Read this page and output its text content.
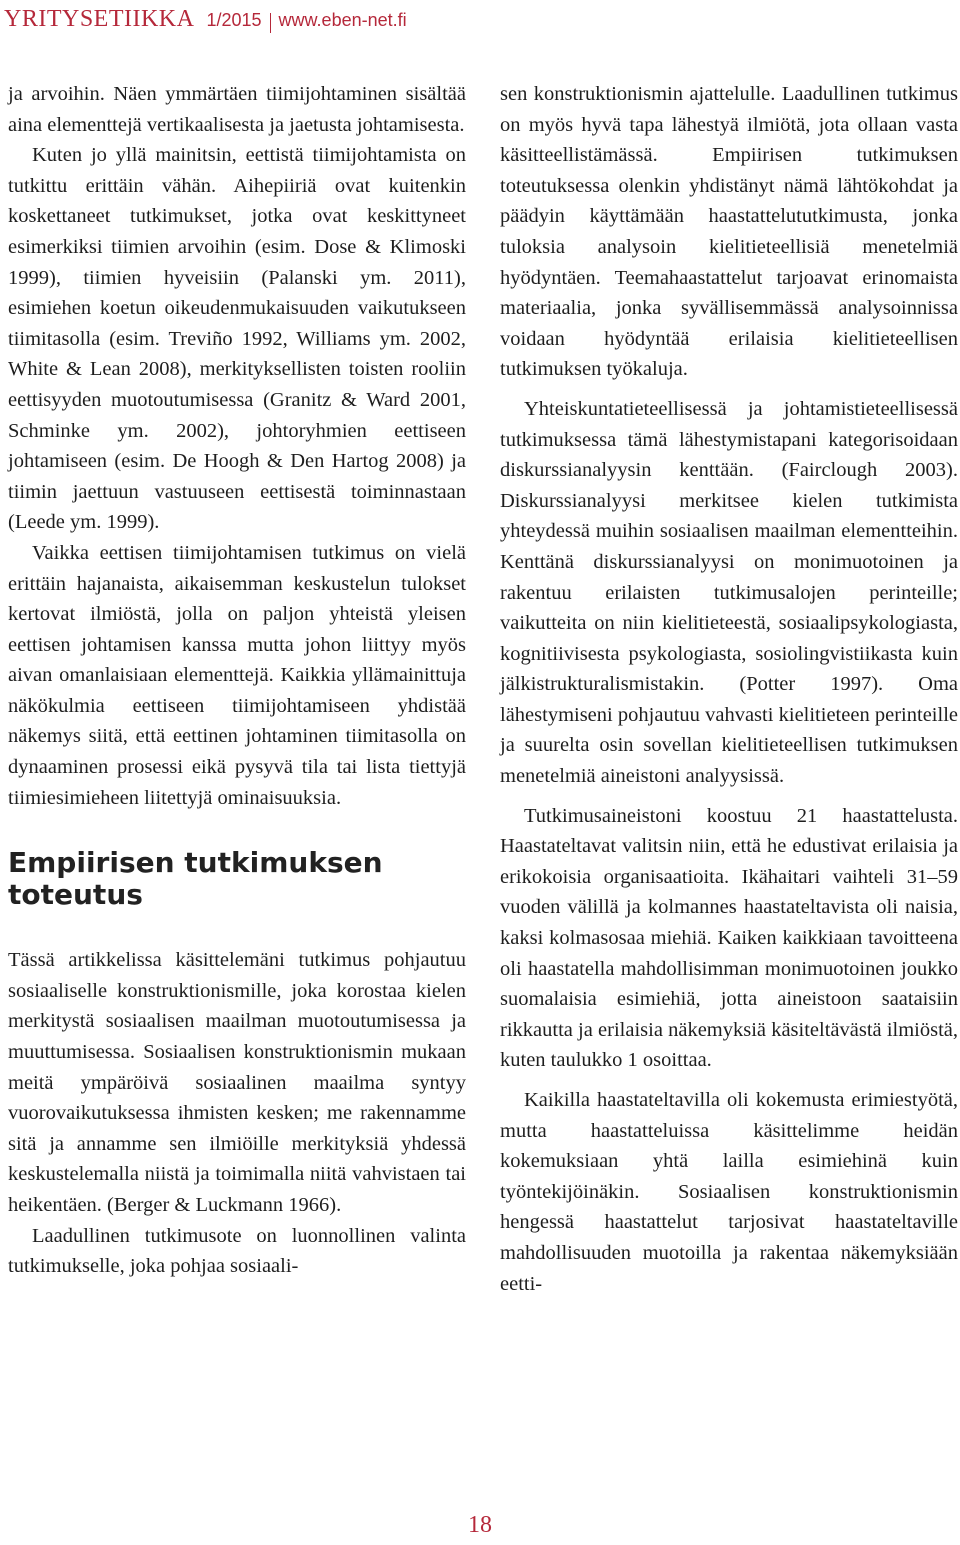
YRITYSETIIKKA 1/2015 www.eben-net.fi

ja arvoihin. Näen ymmärtäen tiimijohtaminen sisältää aina elementtejä vertikaalisesta ja jaetusta johtamisesta.

Kuten jo yllä mainitsin, eettistä tiimijohtamista on tutkittu erittäin vähän. Aihepiiriä ovat kuitenkin koskettaneet tutkimukset, jotka ovat keskittyneet esimerkiksi tiimien arvoihin (esim. Dose & Klimoski 1999), tiimien hyveisiin (Palanski ym. 2011), esimiehen koetun oikeudenmukaisuuden vaikutukseen tiimitasolla (esim. Treviño 1992, Williams ym. 2002, White & Lean 2008), merkityksellisten toisten rooliin eettisyyden muotoutumisessa (Granitz & Ward 2001, Schminke ym. 2002), johtoryhmien eettiseen johtamiseen (esim. De Hoogh & Den Hartog 2008) ja tiimin jaettuun vastuuseen eettisestä toiminnastaan (Leede ym. 1999).

Vaikka eettisen tiimijohtamisen tutkimus on vielä erittäin hajanaista, aikaisemman keskustelun tulokset kertovat ilmiöstä, jolla on paljon yhteistä yleisen eettisen johtamisen kanssa mutta johon liittyy myös aivan omanlaisiaan elementtejä. Kaikkia yllämainittuja näkökulmia eettiseen tiimijohtamiseen yhdistää näkemys siitä, että eettinen johtaminen tiimitasolla on dynaaminen prosessi eikä pysyvä tila tai lista tiettyjä tiimiesimieheen liitettyjä ominaisuuksia.

Empiirisen tutkimuksen toteutus

Tässä artikkelissa käsittelemäni tutkimus pohjautuu sosiaaliselle konstruktionismille, joka korostaa kielen merkitystä sosiaalisen maailman muotoutumisessa ja muuttumisessa. Sosiaalisen konstruktionismin mukaan meitä ympäröivä sosiaalinen maailma syntyy vuorovaikutuksessa ihmisten kesken; me rakennamme sitä ja annamme sen ilmiöille merkityksiä yhdessä keskustelemalla niistä ja toimimalla niitä vahvistaen tai heikentäen. (Berger & Luckmann 1966).

Laadullinen tutkimusote on luonnollinen valinta tutkimukselle, joka pohjaa sosiaali-

sen konstruktionismin ajattelulle. Laadullinen tutkimus on myös hyvä tapa lähestyä ilmiötä, jota ollaan vasta käsitteellistämässä. Empiirisen tutkimuksen toteutuksessa olenkin yhdistänyt nämä lähtökohdat ja päädyin käyttämään haastattelututkimusta, jonka tuloksia analysoin kielitieteellisiä menetelmiä hyödyntäen. Teemahaastattelut tarjoavat erinomaista materiaalia, jonka syvällisemmässä analysoinnissa voidaan hyödyntää erilaisia kielitieteellisen tutkimuksen työkaluja.

Yhteiskuntatieteellisessä ja johtamistieteellisessä tutkimuksessa tämä lähestymistapani kategorisoidaan diskurssianalyysin kenttään. (Fairclough 2003). Diskurssianalyysi merkitsee kielen tutkimista yhteydessä muihin sosiaalisen maailman elementteihin. Kenttänä diskurssianalyysi on monimuotoinen ja rakentuu erilaisten tutkimusalojen perinteille; vaikutteita on niin kielitieteestä, sosiaalipsykologiasta, kognitiivisesta psykologiasta, sosiolingvistiikasta kuin jälkistrukturalismistakin. (Potter 1997). Oma lähestymiseni pohjautuu vahvasti kielitieteen perinteille ja suurelta osin sovellan kielitieteellisen tutkimuksen menetelmiä aineistoni analyysissä.

Tutkimusaineistoni koostuu 21 haastattelusta. Haastateltavat valitsin niin, että he edustivat erilaisia ja erikokoisia organisaatioita. Ikähaitari vaihteli 31–59 vuoden välillä ja kolmannes haastateltavista oli naisia, kaksi kolmasosaa miehiä. Kaiken kaikkiaan tavoitteena oli haastatella mahdollisimman monimuotoinen joukko suomalaisia esimiehiä, jotta aineistoon saataisiin rikkautta ja erilaisia näkemyksiä käsiteltävästä ilmiöstä, kuten taulukko 1 osoittaa.

Kaikilla haastateltavilla oli kokemusta erimiestyötä, mutta haastatteluissa käsittelimme heidän kokemuksiaan yhtä lailla esimiehinä kuin työntekijöinäkin. Sosiaalisen konstruktionismin hengessä haastattelut tarjosivat haastateltaville mahdollisuuden muotoilla ja rakentaa näkemyksiään eetti-

18
